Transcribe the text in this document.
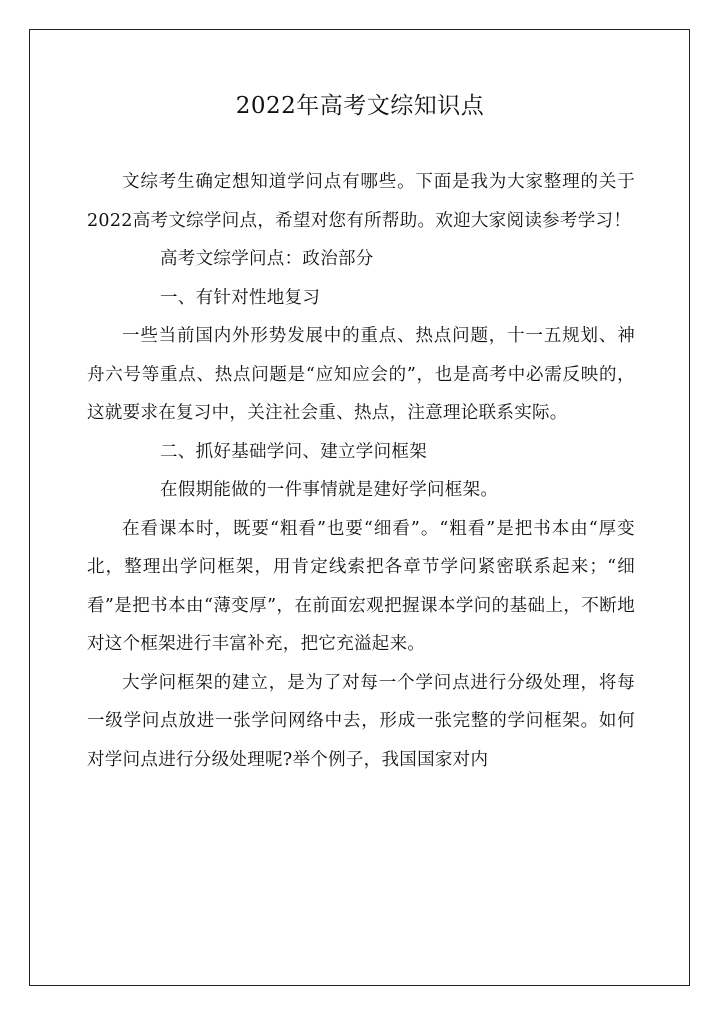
2022年高考文综知识点

文综考生确定想知道学问点有哪些。下面是我为大家整理的关于2022高考文综学问点，希望对您有所帮助。欢迎大家阅读参考学习！

高考文综学问点：政治部分

一、有针对性地复习

一些当前国内外形势发展中的重点、热点问题，十一五规划、神舟六号等重点、热点问题是“应知应会的”，也是高考中必需反映的，这就要求在复习中，关注社会重、热点，注意理论联系实际。

二、抓好基础学问、建立学问框架

在假期能做的一件事情就是建好学问框架。

在看课本时，既要“粗看”也要“细看”。“粗看”是把书本由“厚变北，整理出学问框架，用肯定线索把各章节学问紧密联系起来；“细看”是把书本由“薄变厚”，在前面宏观把握课本学问的基础上，不断地对这个框架进行丰富补充，把它充溢起来。

大学问框架的建立，是为了对每一个学问点进行分级处理，将每一级学问点放进一张学问网络中去，形成一张完整的学问框架。如何对学问点进行分级处理呢?举个例子，我国国家对内
